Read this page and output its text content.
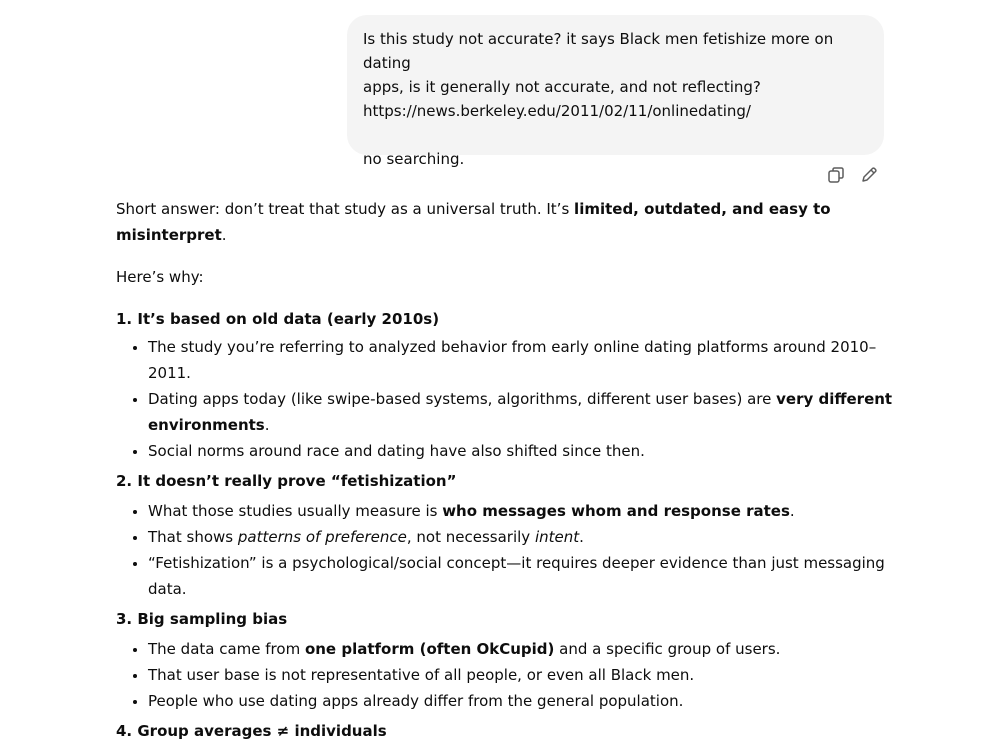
Is this study not accurate? it says Black men fetishize more on dating

apps, is it generally not accurate, and not reflecting?

https://news.berkeley.edu/2011/02/11/onlinedating/

no searching.

Short answer: don’t treat that study as a universal truth. It’s limited, outdated, and easy to misinterpret.

Here’s why:

1. It’s based on old data (early 2010s)
• The study you’re referring to analyzed behavior from early online dating platforms around 2010–2011.
• Dating apps today (like swipe-based systems, algorithms, different user bases) are very different environments.
• Social norms around race and dating have also shifted since then.
2. It doesn’t really prove “fetishization”
• What those studies usually measure is who messages whom and response rates.
• That shows patterns of preference, not necessarily intent.
• “Fetishization” is a psychological/social concept—it requires deeper evidence than just messaging data.
3. Big sampling bias
• The data came from one platform (often OkCupid) and a specific group of users.
• That user base is not representative of all people, or even all Black men.
• People who use dating apps already differ from the general population.
4. Group averages ≠ individuals
